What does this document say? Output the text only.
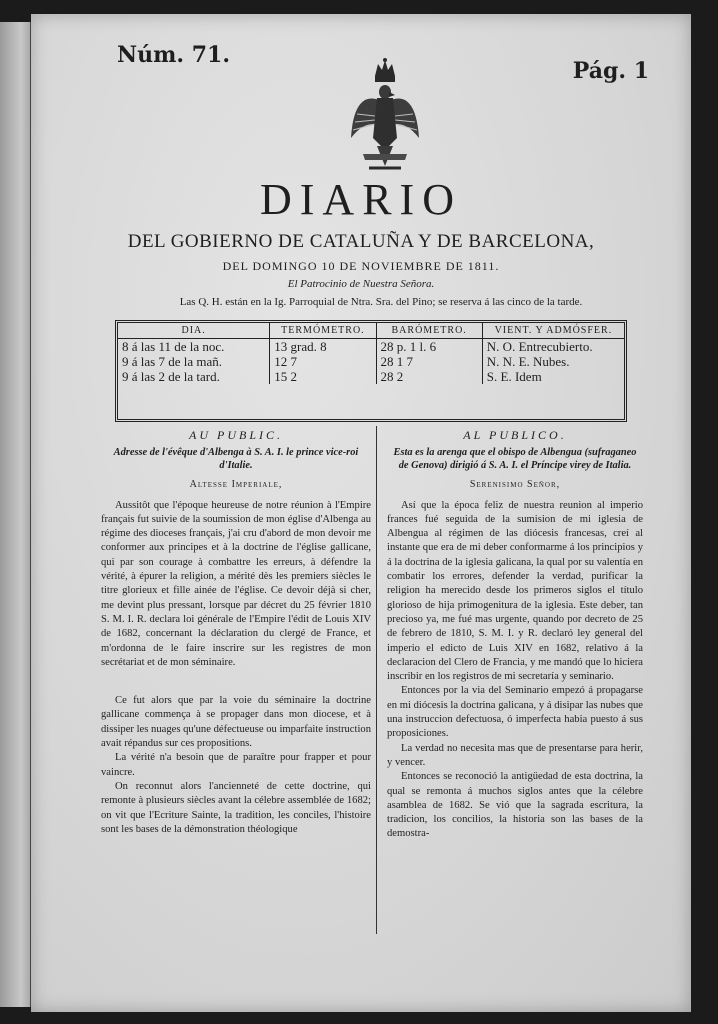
Núm. 71.
Pág. 1
DIARIO
DEL GOBIERNO DE CATALUÑA Y DE BARCELONA,
DEL DOMINGO 10 DE NOVIEMBRE DE 1811.
El Patrocinio de Nuestra Señora.
Las Q. H. están en la Ig. Parroquial de Ntra. Sra. del Pino; se reserva á las cinco de la tarde.
DIA.	TERMÓMETRO.	BARÓMETRO.	VIENT. Y ADMÓSFER.
8 á las 11 de la noc.	13 grad. 8	28 p. 1 l. 6	N. O. Entrecubierto.
9 á las 7 de la mañ.	12 7	28 1 7	N. N. E. Nubes.
9 á las 2 de la tard.	15 2	28 2	S. E. Idem
AU PUBLIC.
Adresse de l'évêque d'Albenga à S. A. I. le prince vice-roi d'Italie.
Altesse Imperiale,

Aussitôt que l'époque heureuse de notre réunion à l'Empire français fut suivie de la soumission de mon église d'Albenga au régime des dioceses français, j'ai cru d'abord de mon devoir me conformer aux principes et à la doctrine de l'église gallicane, qui par son courage à combattre les erreurs, à défendre la vérité, à épurer la religion, a mérité dès les premiers siècles le titre glorieux et fille ainée de l'église. Ce devoir déjà si cher, me devint plus pressant, lorsque par décret du 25 février 1810 S. M. I. R. declara loi générale de l'Empire l'édit de Louis XIV de 1682, concernant la déclaration du clergé de France, et m'ordonna de le faire inscrire sur les registres de mon secrétariat et de mon séminaire.

Ce fut alors que par la voie du séminaire la doctrine gallicane commença à se propager dans mon diocese, et à dissiper les nuages qu'une défectueuse ou imparfaite instruction avait répandus sur ces propositions.

La vérité n'a besoin que de paraître pour frapper et pour vaincre.

On reconnut alors l'ancienneté de cette doctrine, qui remonte à plusieurs siècles avant la célebre assemblée de 1682; on vit que l'Ecriture Sainte, la tradition, les conciles, l'histoire sont les bases de la démonstration théologique

AL PUBLICO.
Esta es la arenga que el obispo de Albengua (sufraganeo de Genova) dirigió á S. A. I. el Príncipe virey de Italia.
Serenisimo Señor,

Así que la época feliz de nuestra reunion al imperio frances fué seguida de la sumision de mi iglesia de Albengua al régimen de las diócesis francesas, creí al instante que era de mi deber conformarme á los principios y á la doctrina de la iglesia galicana, la qual por su valentía en combatir los errores, defender la verdad, purificar la religion ha merecido desde los primeros siglos el título glorioso de hija primogenitura de la iglesia. Este deber, tan precioso ya, me fué mas urgente, quando por decreto de 25 de febrero de 1810, S. M. I. y R. declaró ley general del imperio el edicto de Luis XIV en 1682, relativo á la declaracion del Clero de Francia, y me mandó que lo hiciera inscribir en los registros de mi secretaría y seminario.

Entonces por la via del Seminario empezó á propagarse en mi diócesis la doctrina galicana, y á disipar las nubes que una instruccion defectuosa, ó imperfecta habia puesto á sus proposiciones.

La verdad no necesita mas que de presentarse para herir, y vencer.

Entonces se reconoció la antigüedad de esta doctrina, la qual se remonta á muchos siglos antes que la célebre asamblea de 1682. Se vió que la sagrada escritura, la tradicion, los concilios, la historia son las bases de la demostra-
